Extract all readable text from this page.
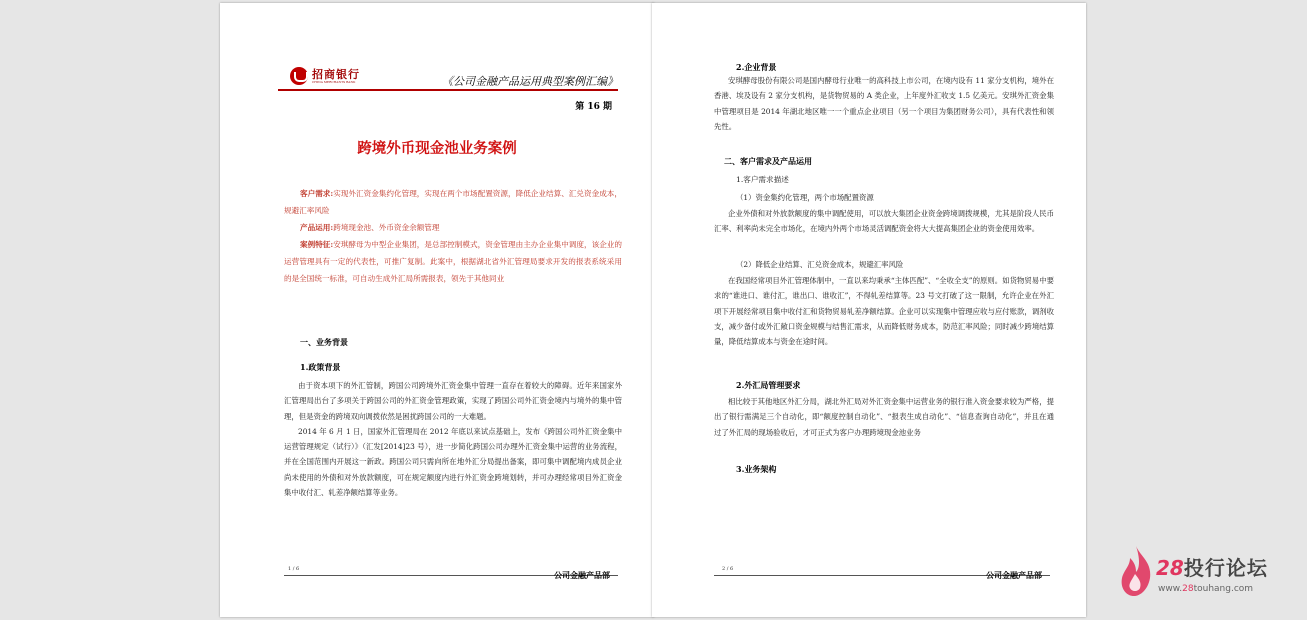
招商银行
CHINA MERCHANTS BANK	《公司金融产品运用典型案例汇编》
第 16 期
跨境外币现金池业务案例

客户需求:实现外汇资金集约化管理，实现在两个市场配置资源，降低企业结算、汇兑资金成本，规避汇率风险

产品运用:跨境现金池、外币资金余额管理

案例特征:安琪酵母为中型企业集团，是总部控制模式，资金管理由主办企业集中调度，该企业的运营管理具有一定的代表性，可推广复制。此案中，根据湖北省外汇管理局要求开发的报表系统采用的是全国统一标准，可自动生成外汇局所需报表，领先于其他同业

一、业务背景
1.政策背景

由于资本项下的外汇管制，跨国公司跨境外汇资金集中管理一直存在着较大的障碍。近年来国家外汇管理局出台了多项关于跨国公司的外汇资金管理政策，实现了跨国公司外汇资金境内与境外的集中管理，但是资金的跨境双向调拨依然是困扰跨国公司的一大难题。

2014 年 6 月 1 日，国家外汇管理局在 2012 年底以来试点基础上，发布《跨国公司外汇资金集中运营管理规定（试行）》（汇发[2014]23 号），进一步简化跨国公司办理外汇资金集中运营的业务流程，并在全国范围内开展这一新政。跨国公司只需向所在地外汇分局提出备案，即可集中调配境内成员企业尚未使用的外债和对外放款额度，可在规定额度内进行外汇资金跨境划转，并可办理经常项目外汇资金集中收付汇、轧差净额结算等业务。

1 / 6
公司金融产品部
2.企业背景

安琪酵母股份有限公司是国内酵母行业唯一的高科技上市公司，在境内设有 11 家分支机构，境外在香港、埃及设有 2 家分支机构，是货物贸易的 A 类企业，上年度外汇收支 1.5 亿美元。安琪外汇资金集中管理项目是 2014 年湖北地区唯一一个重点企业项目（另一个项目为集团财务公司），具有代表性和领先性。

二、客户需求及产品运用
1.客户需求描述
（1）资金集约化管理，两个市场配置资源

企业外债和对外放款额度的集中调配使用，可以放大集团企业资金跨境调拨规模，尤其是阶段人民币汇率、利率尚未完全市场化，在境内外两个市场灵活调配资金将大大提高集团企业的资金使用效率。

（2）降低企业结算、汇兑资金成本，规避汇率风险

在我国经常项目外汇管理体制中，一直以来均秉承“主体匹配”、“全收全支”的原则。如货物贸易中要求的“谁进口、谁付汇，谁出口、谁收汇”，不得轧差结算等。23 号文打破了这一限制，允许企业在外汇项下开展经常项目集中收付汇和货物贸易轧差净额结算。企业可以实现集中管理应收与应付账款，调剂收支，减少备付或外汇敞口资金规模与结售汇需求，从而降低财务成本，防范汇率风险；同时减少跨境结算量，降低结算成本与资金在途时间。

2.外汇局管理要求

相比较于其他地区外汇分局，湖北外汇局对外汇资金集中运营业务的银行准入资金要求较为严格，提出了银行需满足三个自动化，即“额度控制自动化”、“报表生成自动化”、“信息查询自动化”，并且在通过了外汇局的现场验收后，才可正式为客户办理跨境现金池业务

3.业务架构
2 / 6
公司金融产品部	28投行论坛
www.28touhang.com
